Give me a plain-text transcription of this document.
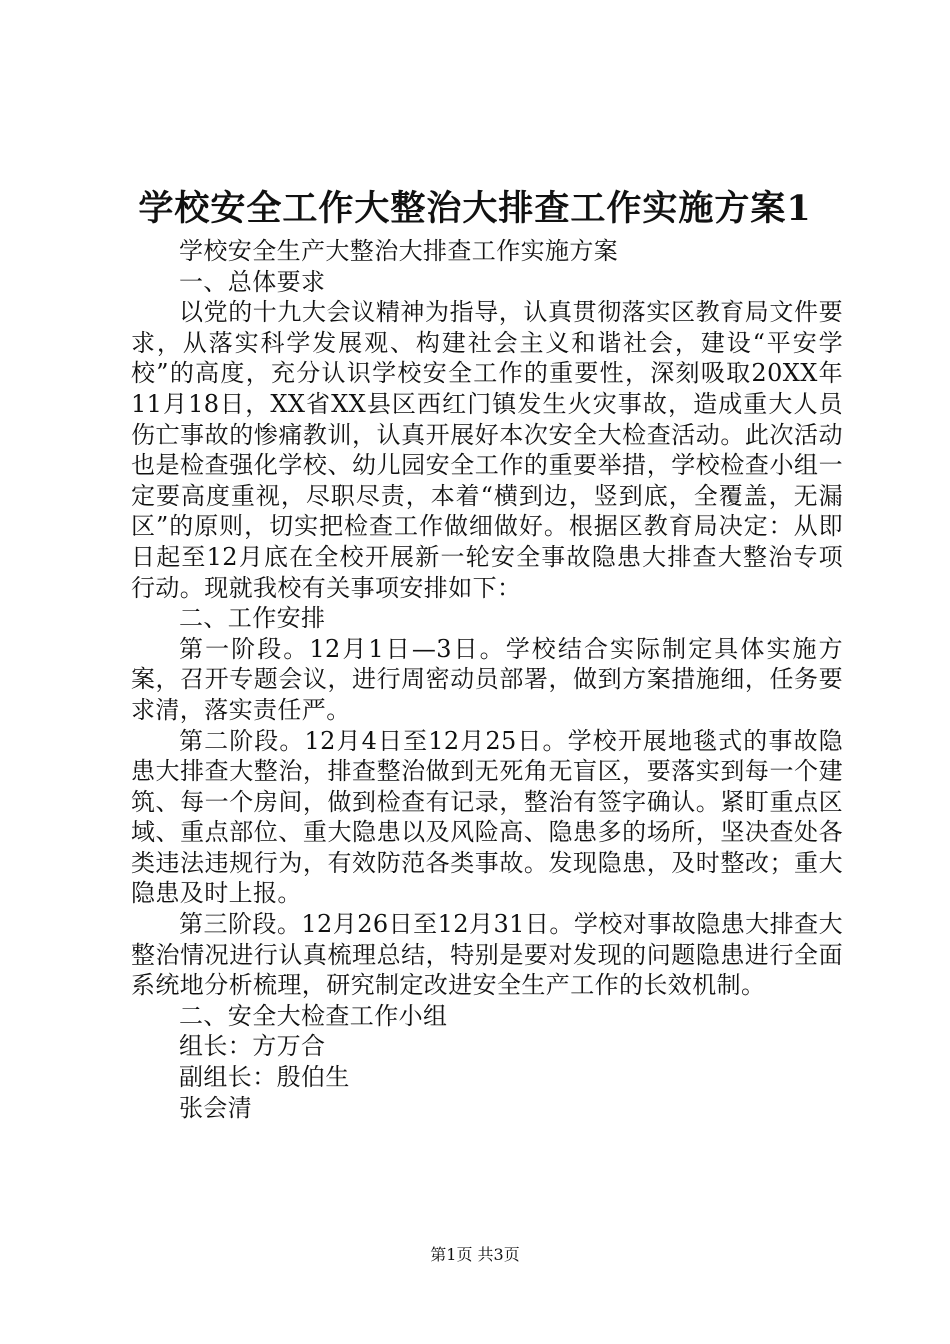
学校安全工作大整治大排查工作实施方案1

学校安全生产大整治大排查工作实施方案

一、总体要求

以党的十九大会议精神为指导，认真贯彻落实区教育局文件要求，从落实科学发展观、构建社会主义和谐社会，建设“平安学校”的高度，充分认识学校安全工作的重要性，深刻吸取20XX年11月18日，XX省XX县区西红门镇发生火灾事故，造成重大人员伤亡事故的惨痛教训，认真开展好本次安全大检查活动。此次活动也是检查强化学校、幼儿园安全工作的重要举措，学校检查小组一定要高度重视，尽职尽责，本着“横到边，竖到底，全覆盖，无漏区”的原则，切实把检查工作做细做好。根据区教育局决定：从即日起至12月底在全校开展新一轮安全事故隐患大排查大整治专项行动。现就我校有关事项安排如下：

二、工作安排

第一阶段。12月1日—3日。学校结合实际制定具体实施方案，召开专题会议，进行周密动员部署，做到方案措施细，任务要求清，落实责任严。

第二阶段。12月4日至12月25日。学校开展地毯式的事故隐患大排查大整治，排查整治做到无死角无盲区，要落实到每一个建筑、每一个房间，做到检查有记录，整治有签字确认。紧盯重点区域、重点部位、重大隐患以及风险高、隐患多的场所，坚决查处各类违法违规行为，有效防范各类事故。发现隐患，及时整改；重大隐患及时上报。

第三阶段。12月26日至12月31日。学校对事故隐患大排查大整治情况进行认真梳理总结，特别是要对发现的问题隐患进行全面系统地分析梳理，研究制定改进安全生产工作的长效机制。

二、安全大检查工作小组

组长：方万合

副组长：殷伯生

张会清

第1页 共3页
